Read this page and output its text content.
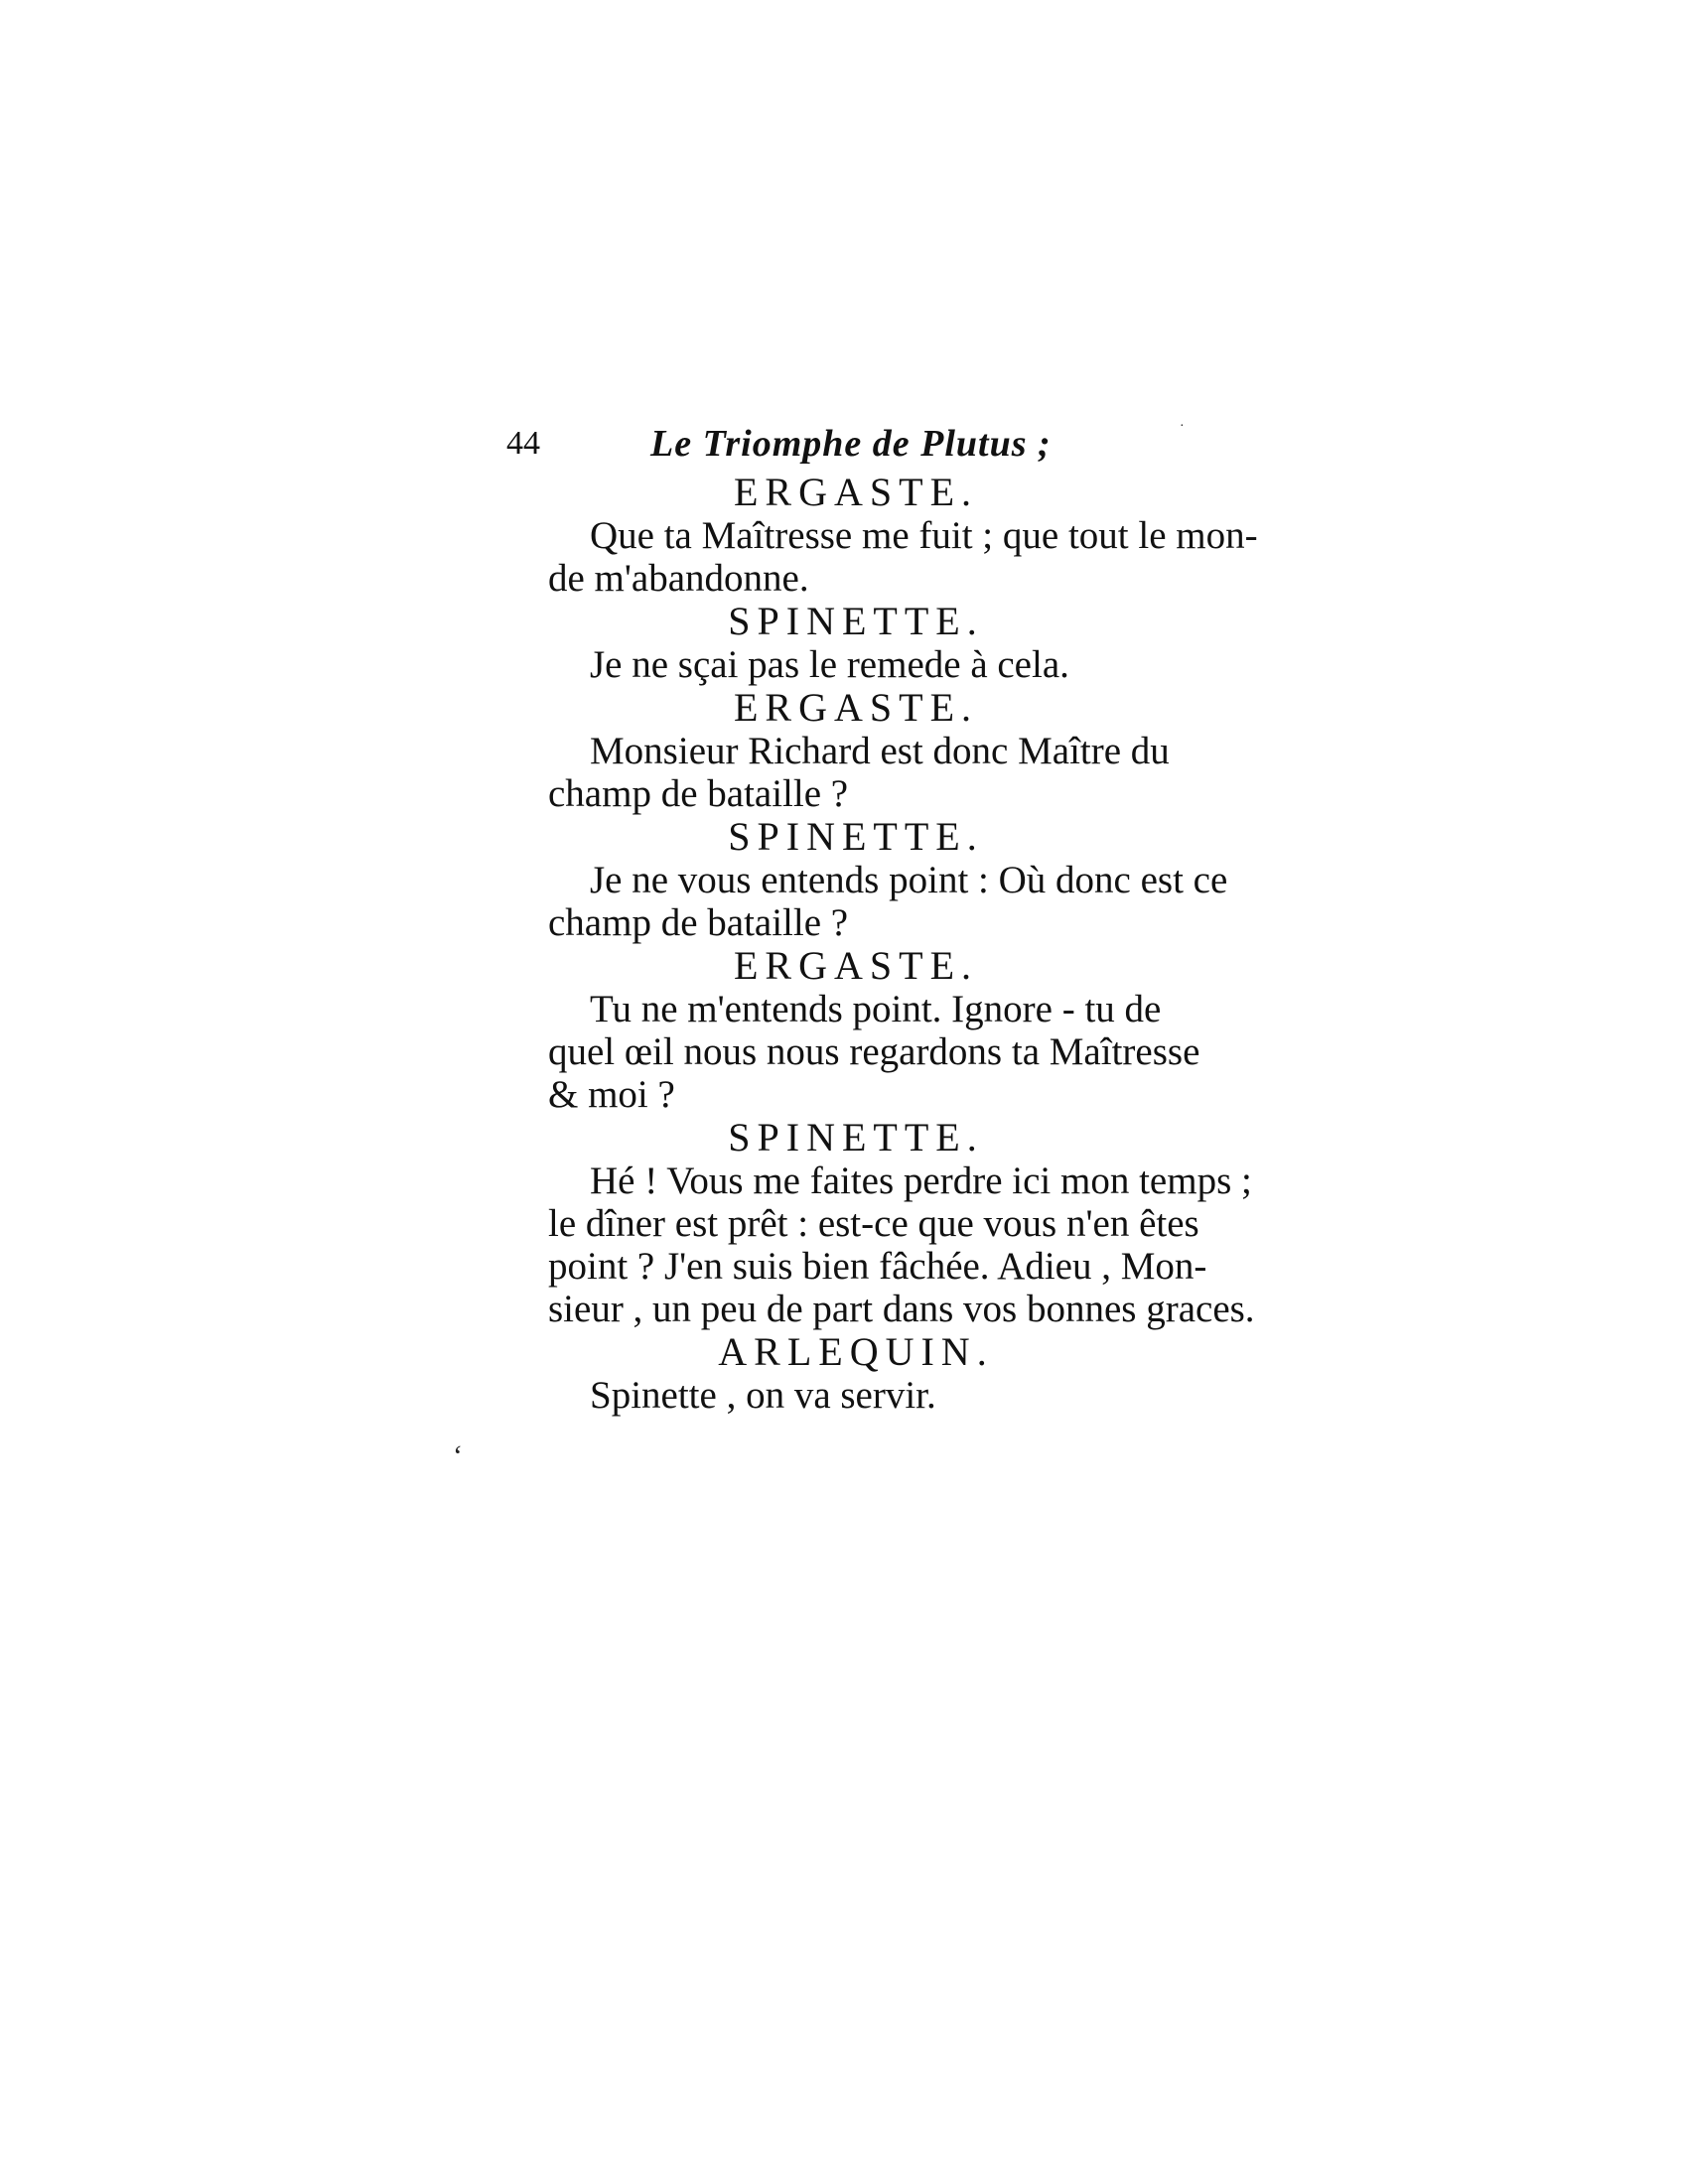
44	Le Triomphe de Plutus ;
ERGASTE.
Que ta Maîtresse me fuit ; que tout le mon-
de m'abandonne.
SPINETTE.
Je ne sçai pas le remede à cela.
ERGASTE.
Monsieur Richard est donc Maître du
champ de bataille ?
SPINETTE.
Je ne vous entends point : Où donc est ce
champ de bataille ?
ERGASTE.
Tu ne m'entends point. Ignore - tu de
quel œil nous nous regardons ta Maîtresse
& moi ?
SPINETTE.
Hé ! Vous me faites perdre ici mon temps ;
le dîner est prêt : est-ce que vous n'en êtes
point ? J'en suis bien fâchée. Adieu , Mon-
sieur , un peu de part dans vos bonnes graces.
ARLEQUIN.
Spinette , on va servir.
·
ʻ
